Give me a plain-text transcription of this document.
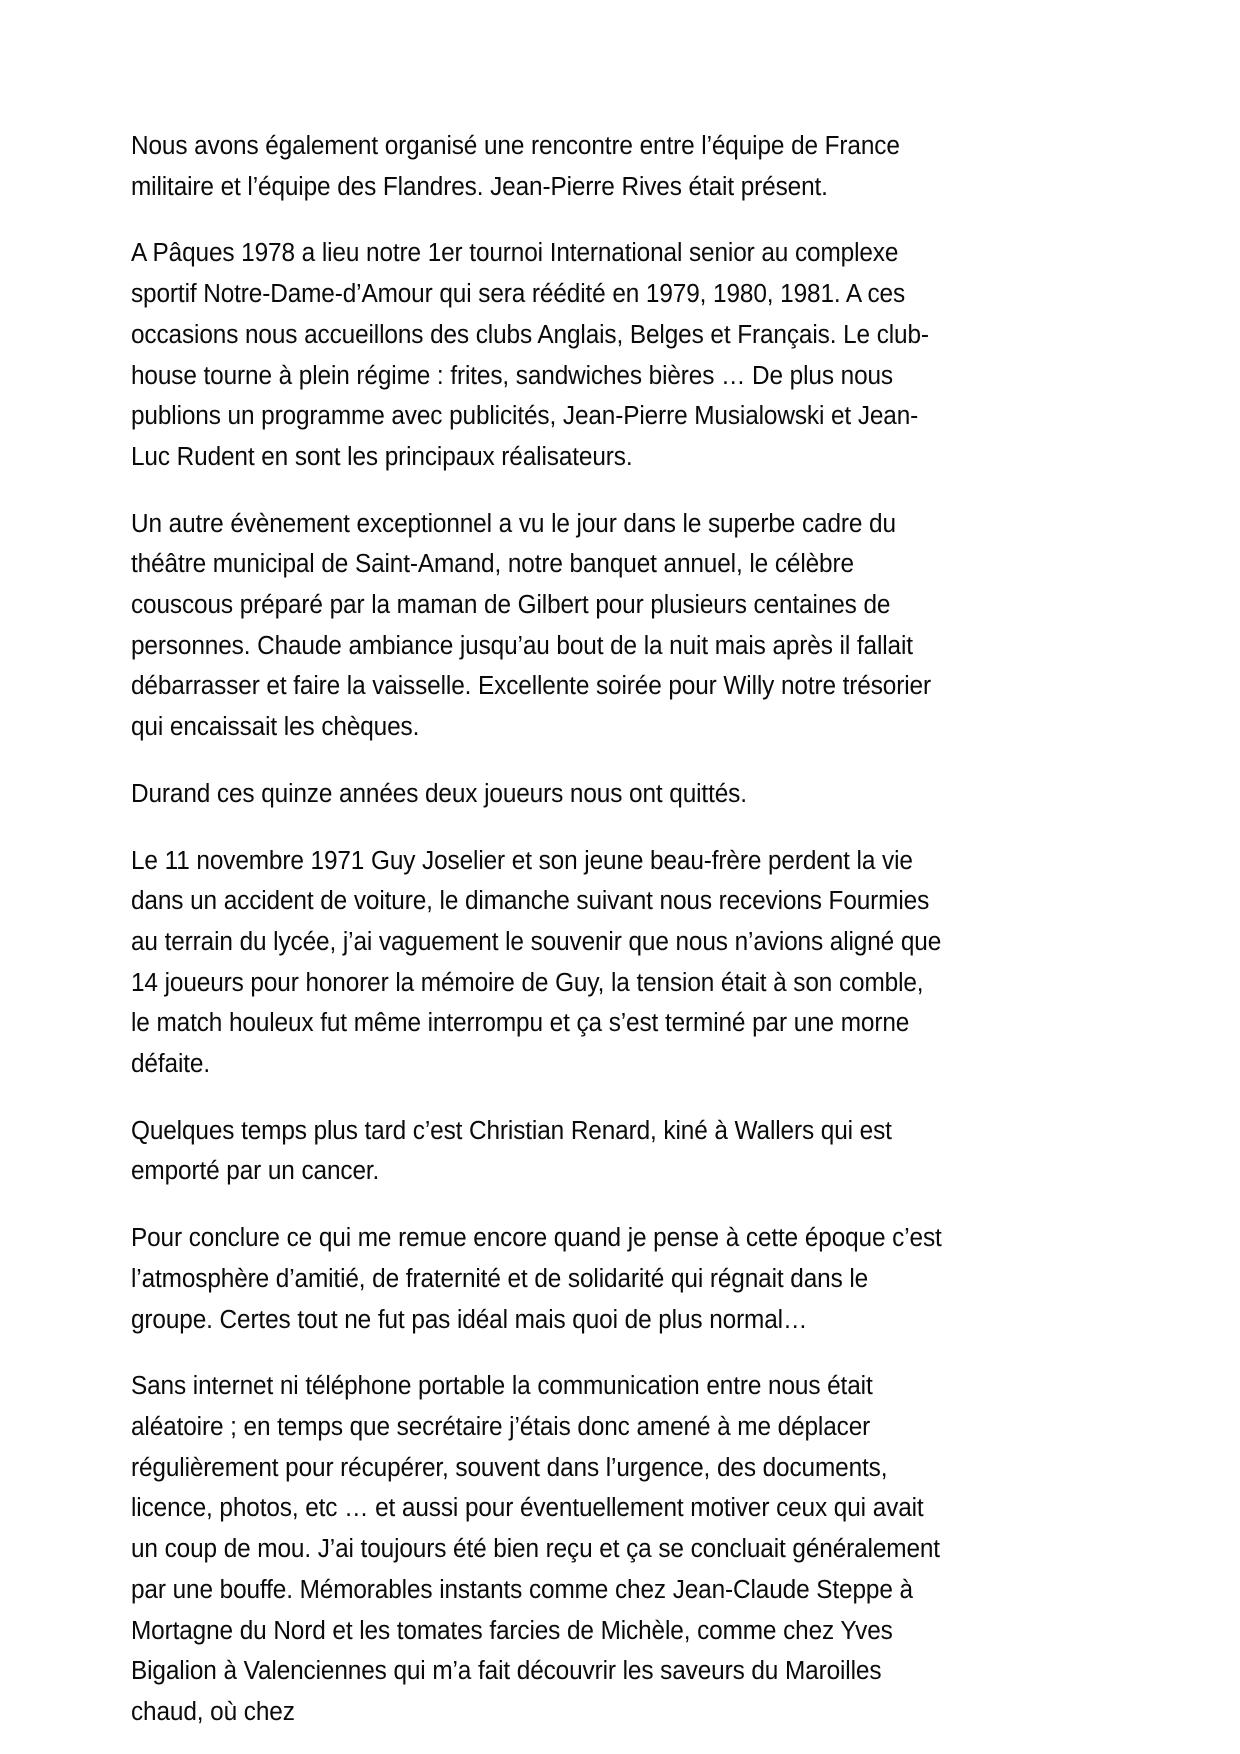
Nous avons également organisé une rencontre entre l’équipe de France militaire et l’équipe des Flandres. Jean-Pierre Rives était présent.

A Pâques 1978 a lieu notre 1er tournoi International senior au complexe sportif Notre-Dame-d’Amour qui sera réédité en 1979, 1980, 1981. A ces occasions nous accueillons des clubs Anglais, Belges et Français. Le club-house tourne à plein régime : frites, sandwiches bières … De plus nous publions un programme avec publicités, Jean-Pierre Musialowski et Jean-Luc Rudent en sont les principaux réalisateurs.

Un autre évènement exceptionnel a vu le jour dans le superbe cadre du théâtre municipal de Saint-Amand, notre banquet annuel, le célèbre couscous préparé par la maman de Gilbert pour plusieurs centaines de personnes. Chaude ambiance jusqu’au bout de la nuit mais après il fallait débarrasser et faire la vaisselle. Excellente soirée pour Willy notre trésorier qui encaissait les chèques.

Durand ces quinze années deux joueurs nous ont quittés.

Le 11 novembre 1971 Guy Joselier et son jeune beau-frère perdent la vie dans un accident de voiture, le dimanche suivant nous recevions Fourmies au terrain du lycée, j’ai vaguement le souvenir que nous n’avions aligné que 14 joueurs pour honorer la mémoire de Guy, la tension était à son comble, le match houleux fut même interrompu et ça s’est terminé par une morne défaite.

Quelques temps plus tard c’est Christian Renard, kiné à Wallers qui est emporté par un cancer.

Pour conclure ce qui me remue encore quand je pense à cette époque c’est l’atmosphère d’amitié, de fraternité et de solidarité qui régnait dans le groupe. Certes tout ne fut pas idéal mais quoi de plus normal…

Sans internet ni téléphone portable la communication entre nous était aléatoire ; en temps que secrétaire j’étais donc amené à me déplacer régulièrement pour récupérer, souvent dans l’urgence, des documents, licence, photos, etc … et aussi pour éventuellement motiver ceux qui avait un coup de mou. J’ai toujours été bien reçu et ça se concluait généralement par une bouffe. Mémorables instants comme chez Jean-Claude Steppe à Mortagne du Nord et les tomates farcies de Michèle, comme chez Yves Bigalion à Valenciennes qui m’a fait découvrir les saveurs du Maroilles chaud, où chez
